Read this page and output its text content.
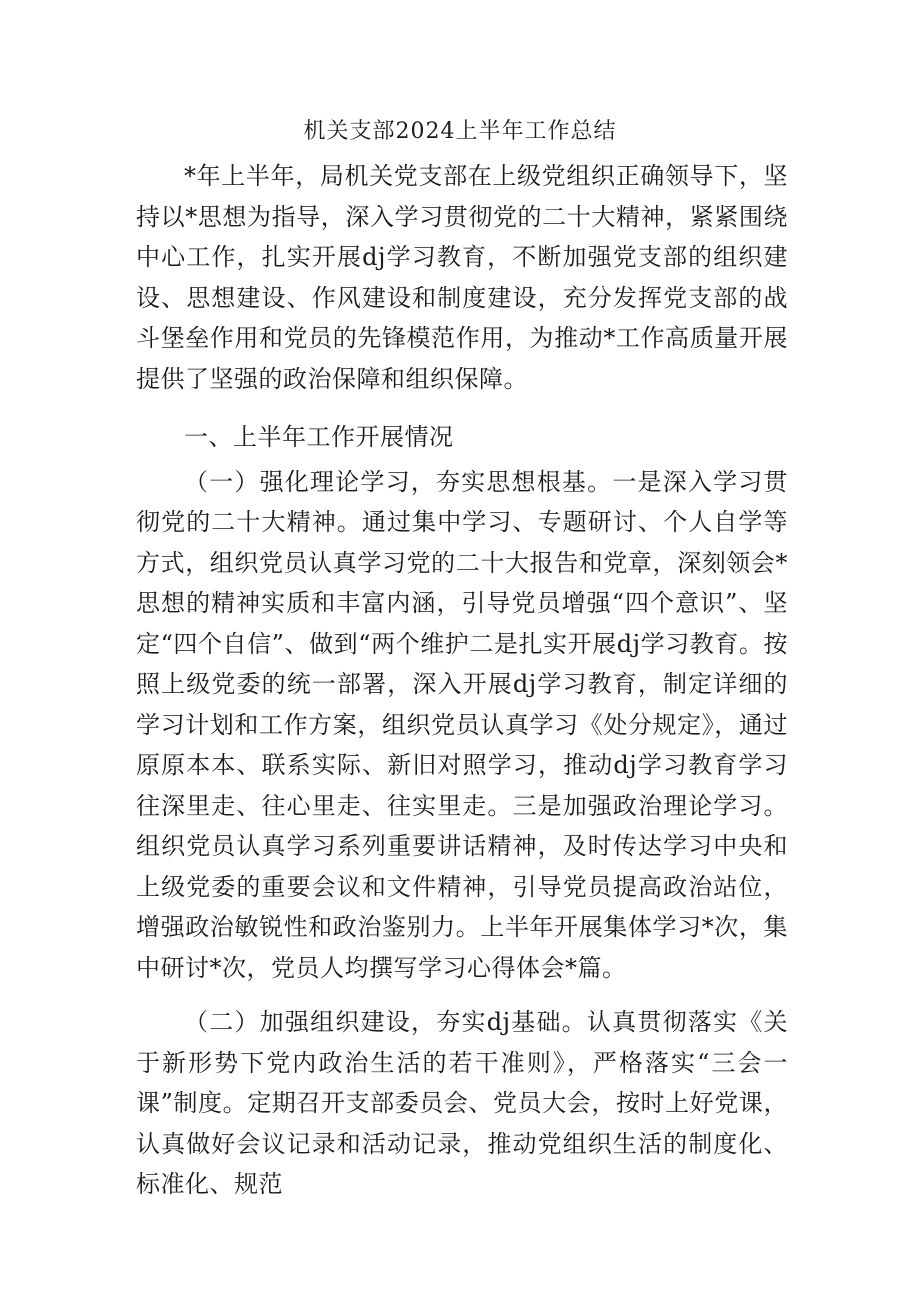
机关支部2024上半年工作总结

*年上半年，局机关党支部在上级党组织正确领导下，坚持以*思想为指导，深入学习贯彻党的二十大精神，紧紧围绕中心工作，扎实开展dj学习教育，不断加强党支部的组织建设、思想建设、作风建设和制度建设，充分发挥党支部的战斗堡垒作用和党员的先锋模范作用，为推动*工作高质量开展提供了坚强的政治保障和组织保障。

一、上半年工作开展情况

（一）强化理论学习，夯实思想根基。一是深入学习贯彻党的二十大精神。通过集中学习、专题研讨、个人自学等方式，组织党员认真学习党的二十大报告和党章，深刻领会*思想的精神实质和丰富内涵，引导党员增强“四个意识”、坚定“四个自信”、做到“两个维护二是扎实开展dj学习教育。按照上级党委的统一部署，深入开展dj学习教育，制定详细的学习计划和工作方案，组织党员认真学习《处分规定》，通过原原本本、联系实际、新旧对照学习，推动dj学习教育学习往深里走、往心里走、往实里走。三是加强政治理论学习。组织党员认真学习系列重要讲话精神，及时传达学习中央和上级党委的重要会议和文件精神，引导党员提高政治站位，增强政治敏锐性和政治鉴别力。上半年开展集体学习*次，集中研讨*次，党员人均撰写学习心得体会*篇。

（二）加强组织建设，夯实dj基础。认真贯彻落实《关于新形势下党内政治生活的若干准则》，严格落实“三会一课”制度。定期召开支部委员会、党员大会，按时上好党课，认真做好会议记录和活动记录，推动党组织生活的制度化、标准化、规范
